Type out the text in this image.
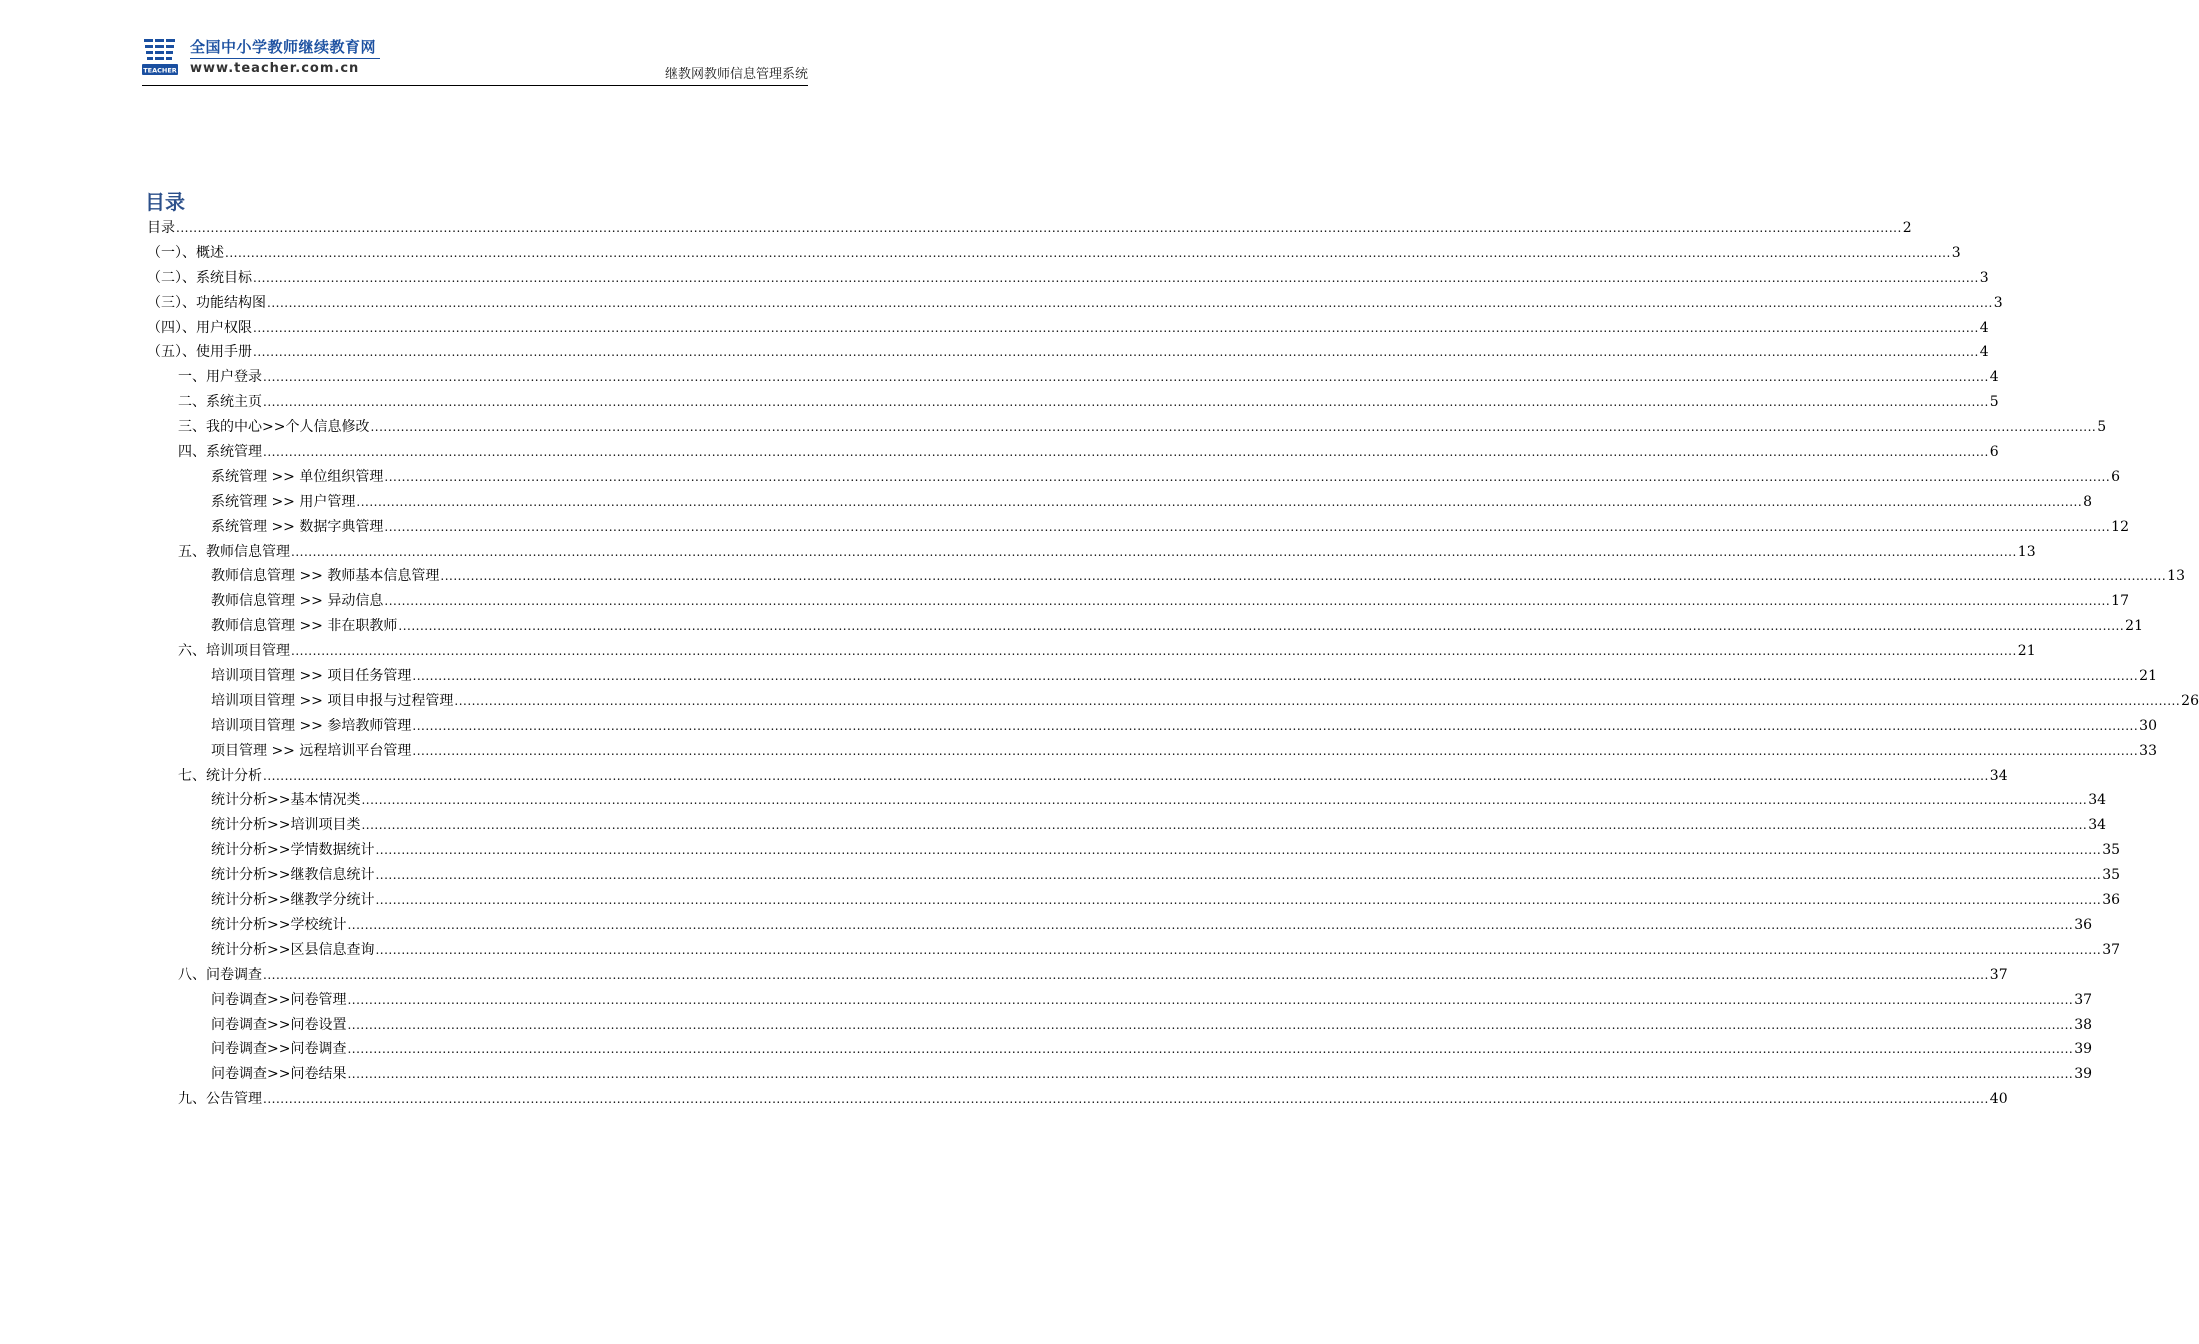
TEACHER
全国中小学教师继续教育网
www.teacher.com.cn	继教网教师信息管理系统
目录
目录 ................................................................................................................................................................................................................................................................................................................................................................................................................ 2
（一）、概述 ................................................................................................................................................................................................................................................................................................................................................................................................................ 3
（二）、系统目标 ................................................................................................................................................................................................................................................................................................................................................................................................................ 3
（三）、功能结构图 ................................................................................................................................................................................................................................................................................................................................................................................................................ 3
（四）、用户权限 ................................................................................................................................................................................................................................................................................................................................................................................................................ 4
（五）、使用手册 ................................................................................................................................................................................................................................................................................................................................................................................................................ 4
一、用户登录 ................................................................................................................................................................................................................................................................................................................................................................................................................ 4
二、系统主页 ................................................................................................................................................................................................................................................................................................................................................................................................................ 5
三、我的中心>>个人信息修改 ................................................................................................................................................................................................................................................................................................................................................................................................................ 5
四、系统管理 ................................................................................................................................................................................................................................................................................................................................................................................................................ 6
系统管理 >> 单位组织管理 ................................................................................................................................................................................................................................................................................................................................................................................................................ 6
系统管理 >> 用户管理 ................................................................................................................................................................................................................................................................................................................................................................................................................ 8
系统管理 >> 数据字典管理 ................................................................................................................................................................................................................................................................................................................................................................................................................ 12
五、教师信息管理 ................................................................................................................................................................................................................................................................................................................................................................................................................ 13
教师信息管理 >> 教师基本信息管理 ................................................................................................................................................................................................................................................................................................................................................................................................................ 13
教师信息管理 >> 异动信息 ................................................................................................................................................................................................................................................................................................................................................................................................................ 17
教师信息管理 >> 非在职教师 ................................................................................................................................................................................................................................................................................................................................................................................................................ 21
六、培训项目管理 ................................................................................................................................................................................................................................................................................................................................................................................................................ 21
培训项目管理 >> 项目任务管理 ................................................................................................................................................................................................................................................................................................................................................................................................................ 21
培训项目管理 >> 项目申报与过程管理 ................................................................................................................................................................................................................................................................................................................................................................................................................ 26
培训项目管理 >> 参培教师管理 ................................................................................................................................................................................................................................................................................................................................................................................................................ 30
项目管理 >> 远程培训平台管理 ................................................................................................................................................................................................................................................................................................................................................................................................................ 33
七、统计分析 ................................................................................................................................................................................................................................................................................................................................................................................................................ 34
统计分析>>基本情况类 ................................................................................................................................................................................................................................................................................................................................................................................................................ 34
统计分析>>培训项目类 ................................................................................................................................................................................................................................................................................................................................................................................................................ 34
统计分析>>学情数据统计 ................................................................................................................................................................................................................................................................................................................................................................................................................ 35
统计分析>>继教信息统计 ................................................................................................................................................................................................................................................................................................................................................................................................................ 35
统计分析>>继教学分统计 ................................................................................................................................................................................................................................................................................................................................................................................................................ 36
统计分析>>学校统计 ................................................................................................................................................................................................................................................................................................................................................................................................................ 36
统计分析>>区县信息查询 ................................................................................................................................................................................................................................................................................................................................................................................................................ 37
八、问卷调查 ................................................................................................................................................................................................................................................................................................................................................................................................................ 37
问卷调查>>问卷管理 ................................................................................................................................................................................................................................................................................................................................................................................................................ 37
问卷调查>>问卷设置 ................................................................................................................................................................................................................................................................................................................................................................................................................ 38
问卷调查>>问卷调查 ................................................................................................................................................................................................................................................................................................................................................................................................................ 39
问卷调查>>问卷结果 ................................................................................................................................................................................................................................................................................................................................................................................................................ 39
九、公告管理 ................................................................................................................................................................................................................................................................................................................................................................................................................ 40
